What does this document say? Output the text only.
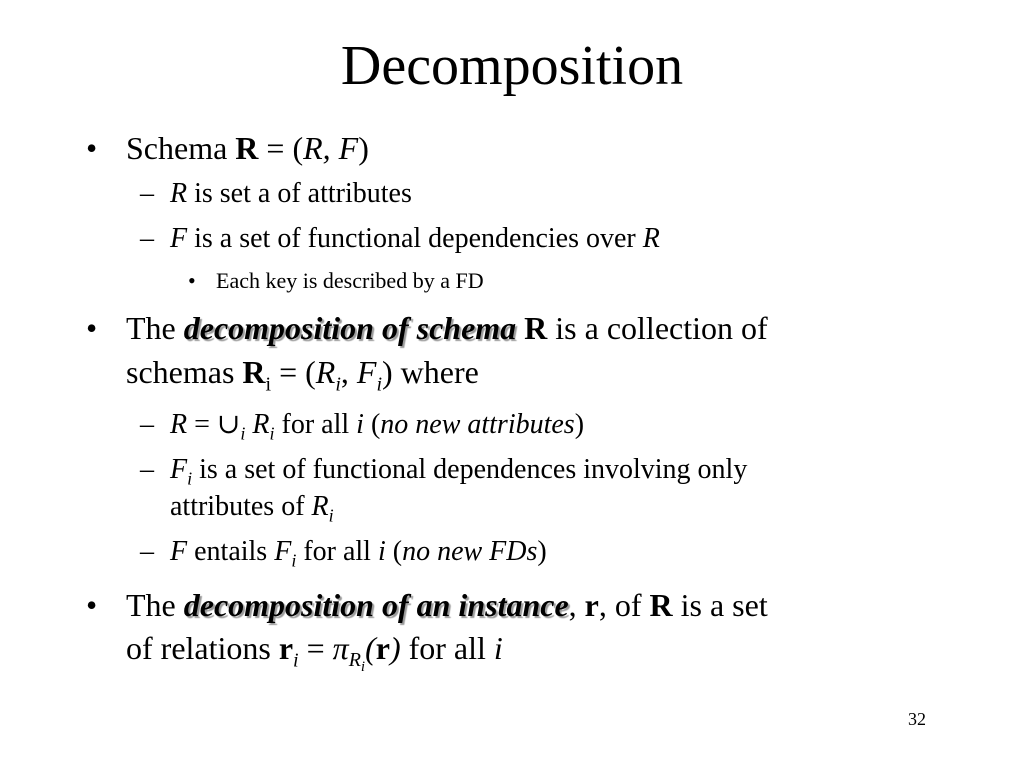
Decomposition
• Schema R = (R, F)
– R is set a of attributes
– F is a set of functional dependencies over R
• Each key is described by a FD
• The decomposition of schema R is a collection of
schemas $R_i = (R_i$, $F_i$) where
– $R = \cup_i$ $R_i$ for all i (no new attributes)
– $F_i$ is a set of functional dependences involving only
attributes of $R_i$
– F entails $F_i$ for all i (no new FDs)
• The decomposition of an instance, r, of R is a set
of relations $r_i = \pi_{R_i}(r)$ for all i
32
